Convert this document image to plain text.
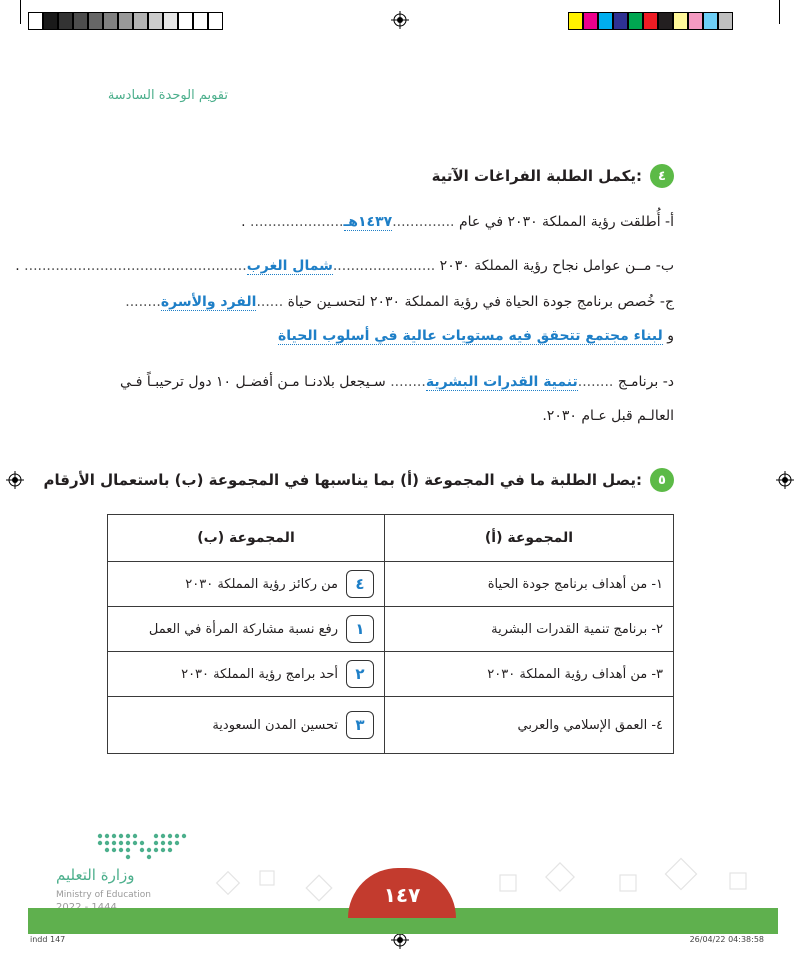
تقويم الوحدة السادسة
٤
يكمل الطلبة الفراغات الآتية:
أ- أُطلقت رؤية المملكة ٢٠٣٠ في عام ..............١٤٣٧هـ..................... .
ب- مــن عوامل نجاح رؤية المملكة ٢٠٣٠ .......................شمال الغرب.................................................. .
ج- خُصص برنامج جودة الحياة في رؤية المملكة ٢٠٣٠ لتحسـين حياة ......الفرد والأسرة........
و لبناء مجتمع تتحقق فيه مستويات عالية في أسلوب الحياة
د- برنامـج ........تنمية القدرات البشرية........ سـيجعل بلادنـا مـن أفضـل ١٠ دول ترحيبـاً فـي
العالـم قبل عـام ٢٠٣٠.
٥
يصل الطلبة ما في المجموعة (أ) بما يناسبها في المجموعة (ب) باستعمال الأرقام:
المجموعة (أ)	المجموعة (ب)
١- من أهداف برنامج جودة الحياة	٤
من ركائز رؤية المملكة ٢٠٣٠

٢- برنامج تنمية القدرات البشرية	١
رفع نسبة مشاركة المرأة في العمل

٣- من أهداف رؤية المملكة ٢٠٣٠	٢
أحد برامج رؤية المملكة ٢٠٣٠

٤- العمق الإسلامي والعربي	٣
تحسين المدن السعودية
وزارة التعليم
Ministry of Education	١٤٧
indd 147	26/04/22 04:38:58
